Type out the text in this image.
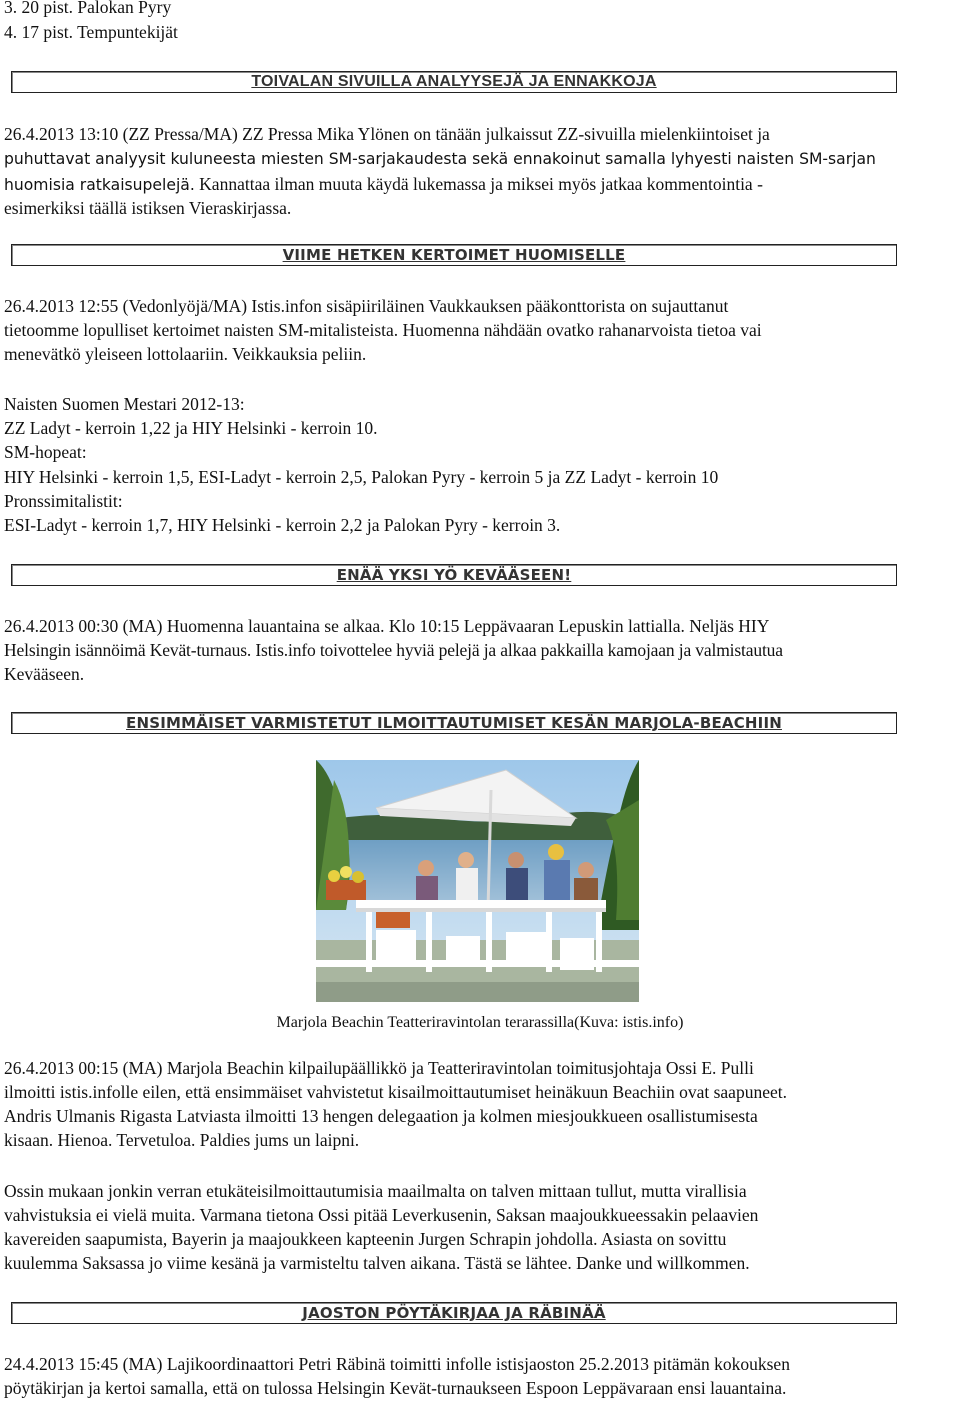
3. 20 pist. Palokan Pyry

4. 17 pist. Tempuntekijät

TOIVALAN SIVUILLA ANALYYSEJÄ JA ENNAKKOJA

26.4.2013 13:10 (ZZ Pressa/MA) ZZ Pressa Mika Ylönen on tänään julkaissut ZZ-sivuilla mielenkiintoiset ja

puhuttavat analyysit kuluneesta miesten SM-sarjakaudesta sekä ennakoinut samalla lyhyesti naisten SM-sarjan

huomisia ratkaisupelejä. Kannattaa ilman muuta käydä lukemassa ja miksei myös jatkaa kommentointia -

esimerkiksi täällä istiksen Vieraskirjassa.

VIIME HETKEN KERTOIMET HUOMISELLE

26.4.2013 12:55 (Vedonlyöjä/MA) Istis.infon sisäpiiriläinen Vaukkauksen pääkonttorista on sujauttanut

tietoomme lopulliset kertoimet naisten SM-mitalisteista. Huomenna nähdään ovatko rahanarvoista tietoa vai

menevätkö yleiseen lottolaariin. Veikkauksia peliin.

Naisten Suomen Mestari 2012-13:

ZZ Ladyt - kerroin 1,22 ja HIY Helsinki - kerroin 10.

SM-hopeat:

HIY Helsinki - kerroin 1,5, ESI-Ladyt - kerroin 2,5, Palokan Pyry - kerroin 5 ja ZZ Ladyt - kerroin 10

Pronssimitalistit:

ESI-Ladyt - kerroin 1,7, HIY Helsinki - kerroin 2,2 ja Palokan Pyry - kerroin 3.

ENÄÄ YKSI YÖ KEVÄÄSEEN!

26.4.2013 00:30 (MA) Huomenna lauantaina se alkaa. Klo 10:15 Leppävaaran Lepuskin lattialla. Neljäs HIY

Helsingin isännöimä Kevät-turnaus. Istis.info toivottelee hyviä pelejä ja alkaa pakkailla kamojaan ja valmistautua

Kevääseen.

ENSIMMÄISET VARMISTETUT ILMOITTAUTUMISET KESÄN MARJOLA-BEACHIIN

Marjola Beachin Teatteriravintolan terarassilla(Kuva: istis.info)

26.4.2013 00:15 (MA) Marjola Beachin kilpailupäällikkö ja Teatteriravintolan toimitusjohtaja Ossi E. Pulli

ilmoitti istis.infolle eilen, että ensimmäiset vahvistetut kisailmoittautumiset heinäkuun Beachiin ovat saapuneet.

Andris Ulmanis Rigasta Latviasta ilmoitti 13 hengen delegaation ja kolmen miesjoukkueen osallistumisesta

kisaan. Hienoa. Tervetuloa. Paldies jums un laipni.

Ossin mukaan jonkin verran etukäteisilmoittautumisia maailmalta on talven mittaan tullut, mutta virallisia

vahvistuksia ei vielä muita. Varmana tietona Ossi pitää Leverkusenin, Saksan maajoukkueessakin pelaavien

kavereiden saapumista, Bayerin ja maajoukkeen kapteenin Jurgen Schrapin johdolla. Asiasta on sovittu

kuulemma Saksassa jo viime kesänä ja varmisteltu talven aikana. Tästä se lähtee. Danke und willkommen.

JAOSTON PÖYTÄKIRJAA JA RÄBINÄÄ

24.4.2013 15:45 (MA) Lajikoordinaattori Petri Räbinä toimitti infolle istisjaoston 25.2.2013 pitämän kokouksen

pöytäkirjan ja kertoi samalla, että on tulossa Helsingin Kevät-turnaukseen Espoon Leppävaraan ensi lauantaina.
